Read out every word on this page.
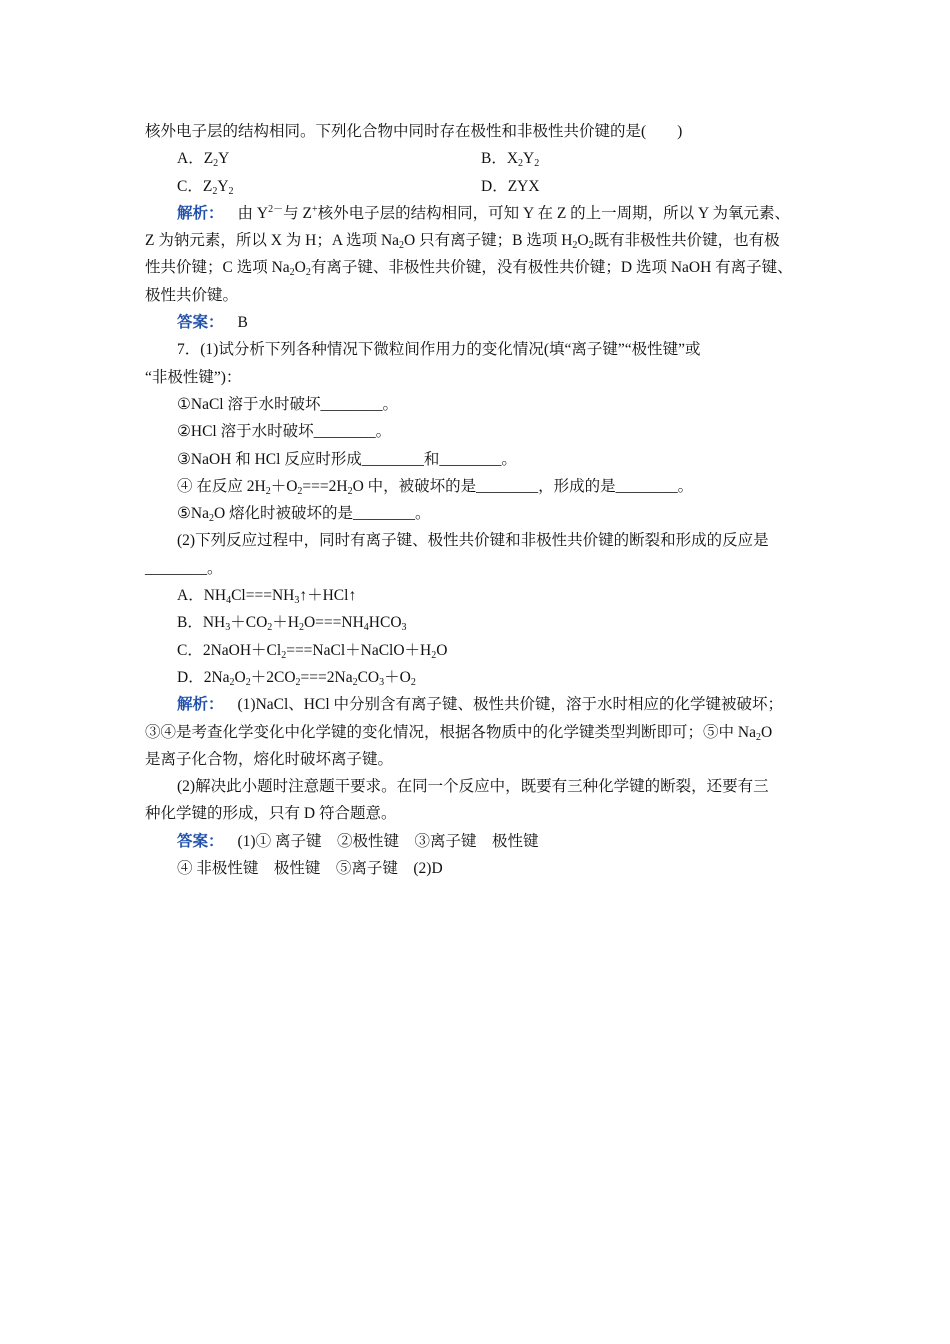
核外电子层的结构相同。下列化合物中同时存在极性和非极性共价键的是(　　)
A．$Z_2Y$	B．$X_2Y_2$
C．$Z_2Y_2$	D．ZYX
解析： 由 $Y^{2-}$与 Z+核外电子层的结构相同，可知 Y 在 Z 的上一周期，所以 Y 为氧元素、
Z 为钠元素，所以 X 为 H；A 选项 $Na_2O$ 只有离子键；B 选项 $H_2O_2$既有非极性共价键，也有极
性共价键；C 选项 $Na_2O_2$有离子键、非极性共价键，没有极性共价键；D 选项 NaOH 有离子键、
极性共价键。
答案： B
7．(1)试分析下列各种情况下微粒间作用力的变化情况(填“离子键”“极性键”或
“非极性键”)：
①NaCl 溶于水时破坏________。
②HCl 溶于水时破坏________。
③NaOH 和 HCl 反应时形成________和________。
④ 在反应 $2H_2+O_2===2H_2O$ 中，被破坏的是________，形成的是________。
$⑤Na_2O$ 熔化时被破坏的是________。
(2)下列反应过程中，同时有离子键、极性共价键和非极性共价键的断裂和形成的反应是
________。
A．$NH_4Cl===NH_3↑+HCl↑$
B．$NH_3+CO_2+H_2O===NH_4HCO_3$
C．$2NaOH+Cl_2===NaCl+NaClO+H_2O$
D．$2Na_2O_2+2CO_2===2Na_2CO_3+O_2$
解析： (1)NaCl、HCl 中分别含有离子键、极性共价键，溶于水时相应的化学键被破坏；
③④是考查化学变化中化学键的变化情况，根据各物质中的化学键类型判断即可；⑤中 $Na_2O$
是离子化合物，熔化时破坏离子键。
(2)解决此小题时注意题干要求。在同一个反应中，既要有三种化学键的断裂，还要有三
种化学键的形成，只有 D 符合题意。
答案： (1)① 离子键　②极性键　③离子键　极性键
④ 非极性键　极性键　⑤离子键　(2)D
